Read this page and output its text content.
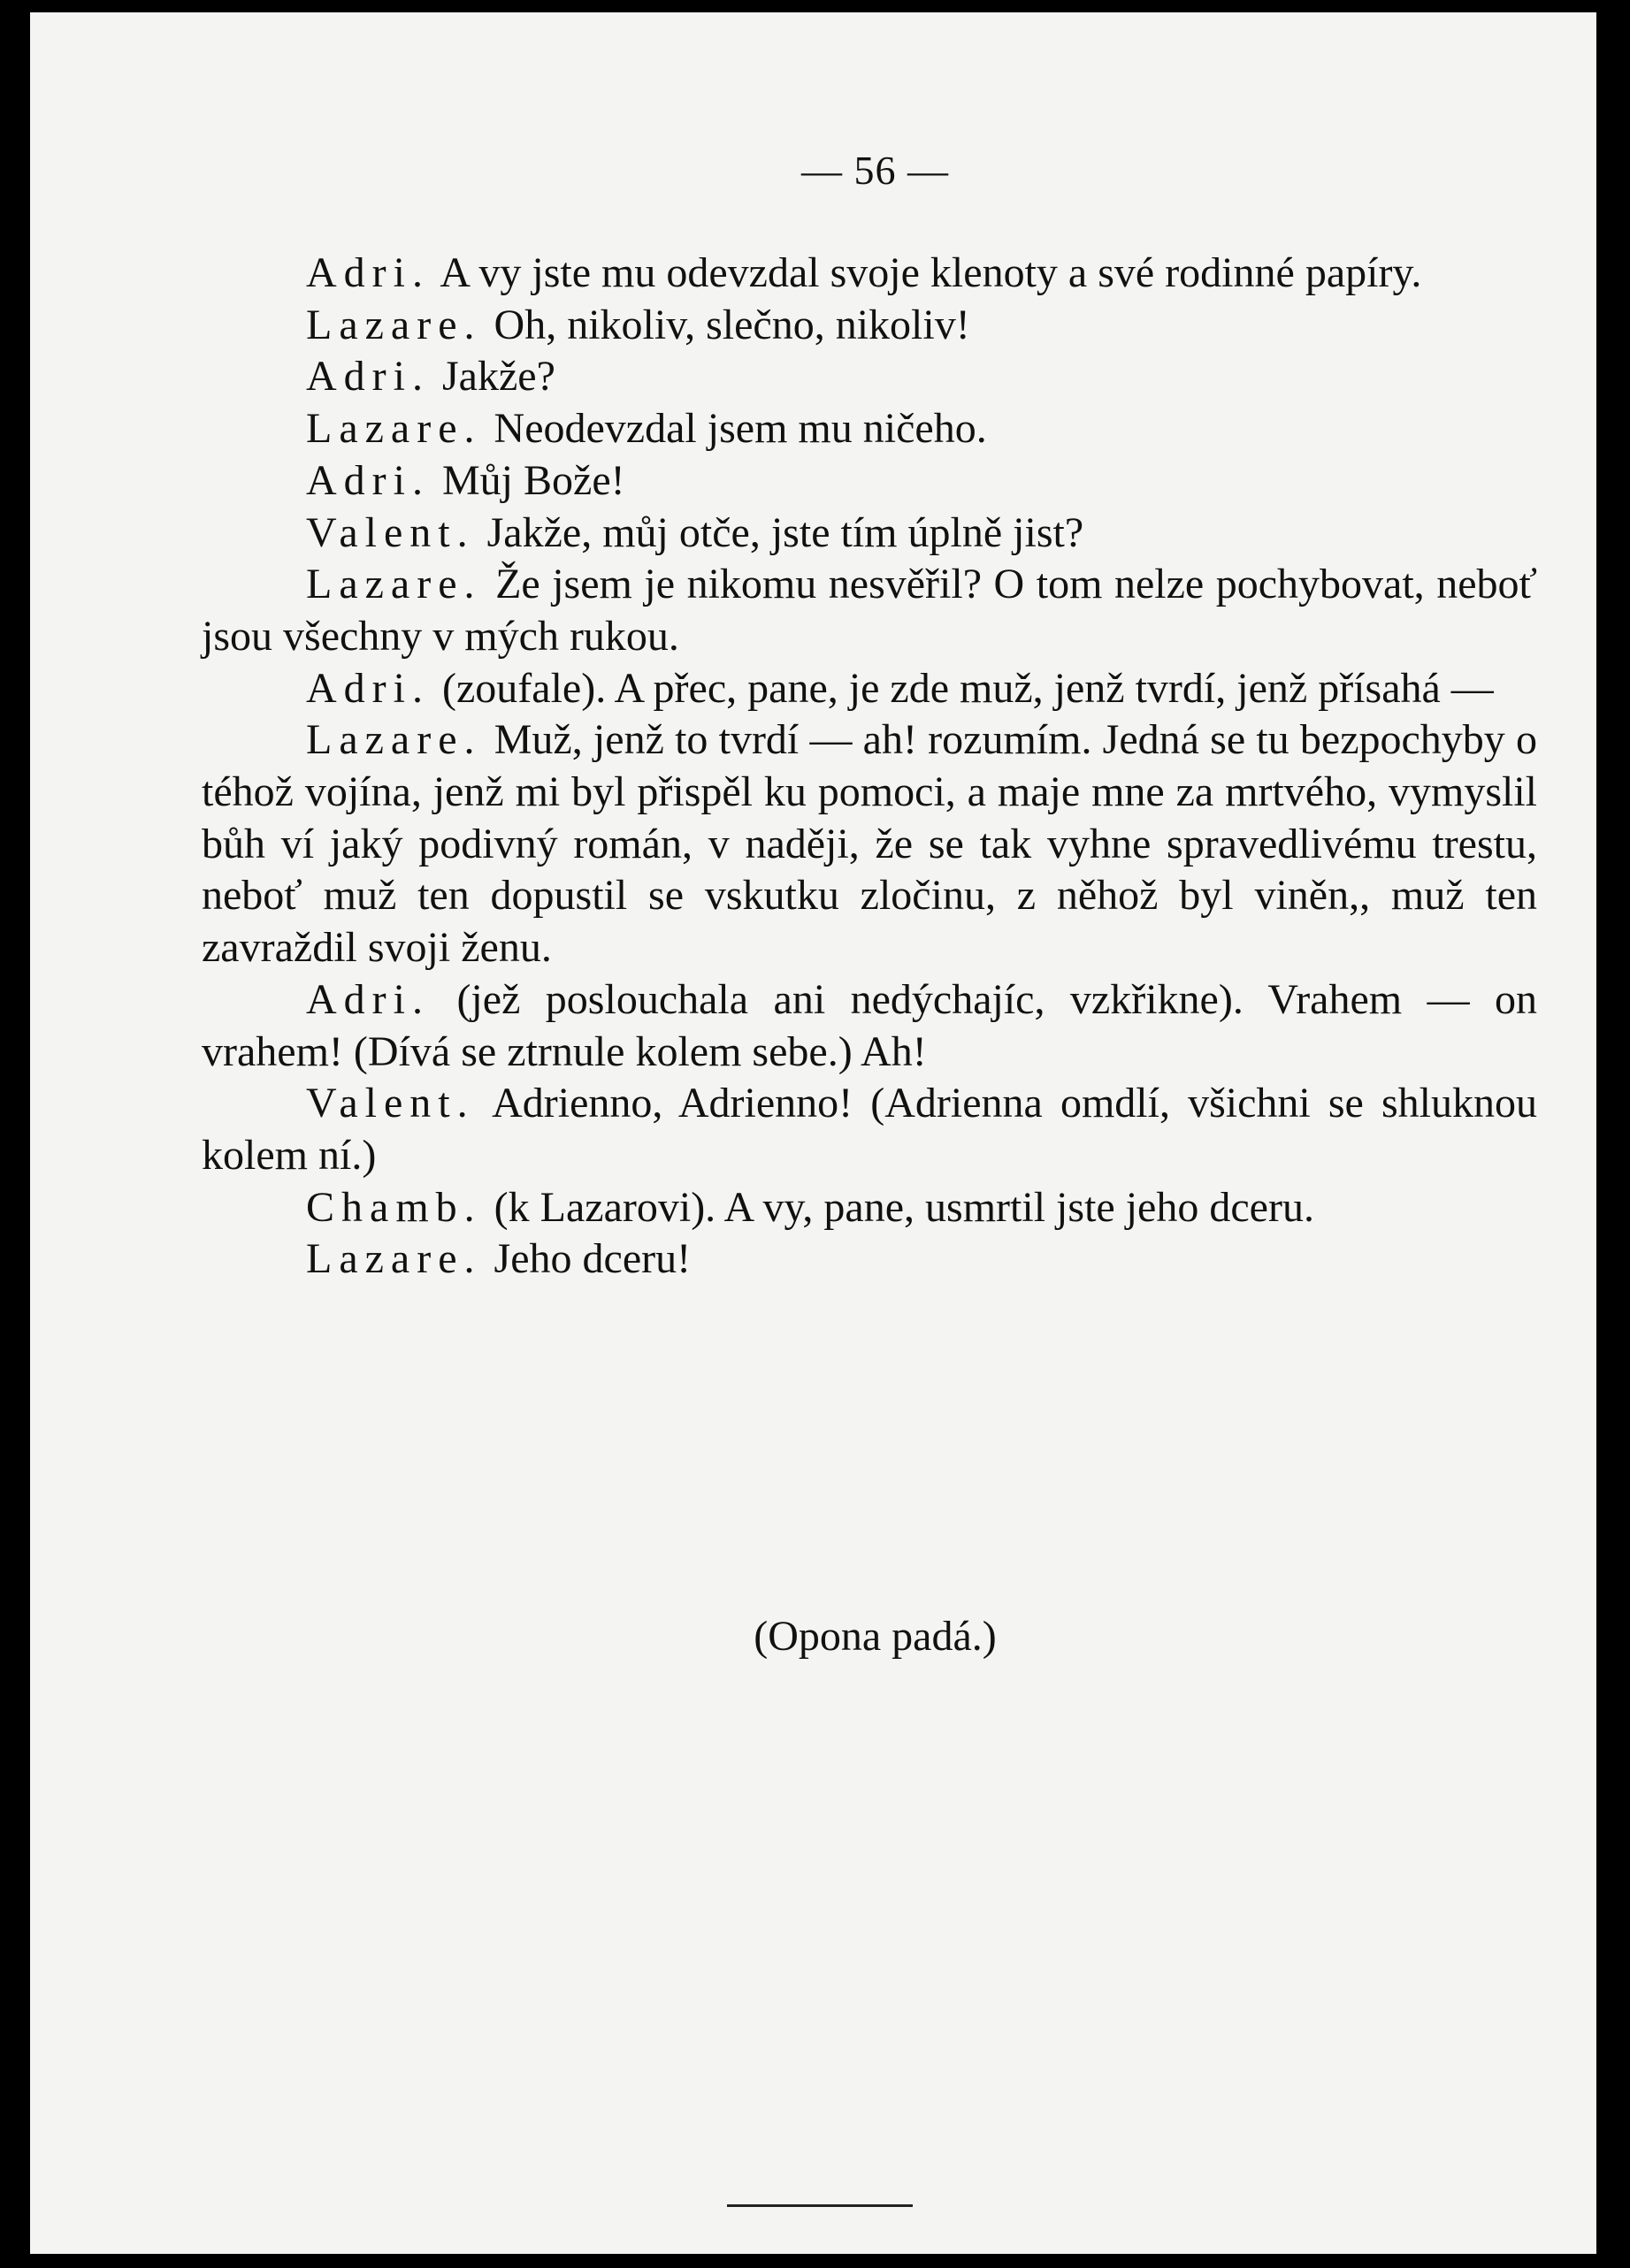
— 56 —

Adri. A vy jste mu odevzdal svoje klenoty a své rodinné papíry.

Lazare. Oh, nikoliv, slečno, nikoliv!

Adri. Jakže?

Lazare. Neodevzdal jsem mu ničeho.

Adri. Můj Bože!

Valent. Jakže, můj otče, jste tím úplně jist?

Lazare. Že jsem je nikomu nesvěřil? O tom nelze pochybovat, neboť jsou všechny v mých rukou.

Adri. (zoufale). A přec, pane, je zde muž, jenž tvrdí, jenž přísahá —

Lazare. Muž, jenž to tvrdí — ah! rozumím. Jedná se tu bezpochyby o téhož vojína, jenž mi byl přispěl ku pomoci, a maje mne za mrtvého, vymyslil bůh ví jaký podivný román, v naději, že se tak vyhne spravedlivému trestu, neboť muž ten dopustil se vskutku zločinu, z něhož byl viněn,, muž ten zavraždil svoji ženu.

Adri. (jež poslouchala ani nedýchajíc, vzkřikne). Vrahem — on vrahem! (Dívá se ztrnule kolem sebe.) Ah!

Valent. Adrienno, Adrienno! (Adrienna omdlí, všichni se shluknou kolem ní.)

Chamb. (k Lazarovi). A vy, pane, usmrtil jste jeho dceru.

Lazare. Jeho dceru!

(Opona padá.)
